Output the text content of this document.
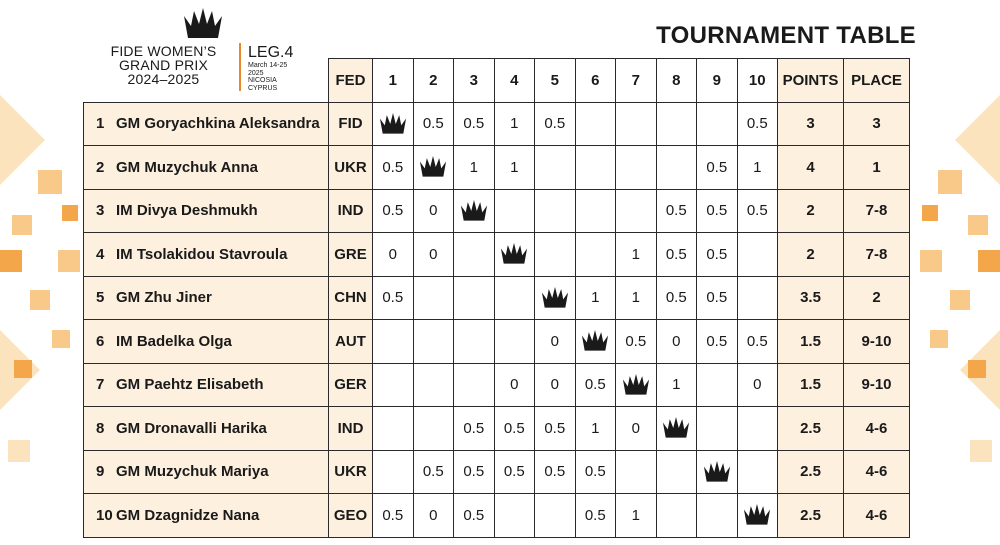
FIDE WOMEN’S
GRAND PRIX
2024–2025
LEG.4
March 14-25
2025
NICOSIA
CYPRUS
TOURNAMENT TABLE
	FED	1	2	3	4	5	6	7	8	9	10	POINTS	PLACE
1 GM Goryachkina Aleksandra	FID		0.5	0.5	1	0.5					0.5	3	3
2 GM Muzychuk Anna	UKR	0.5		1	1					0.5	1	4	1
3 IM Divya Deshmukh	IND	0.5	0						0.5	0.5	0.5	2	7-8
4 IM Tsolakidou Stavroula	GRE	0	0					1	0.5	0.5		2	7-8
5 GM Zhu Jiner	CHN	0.5					1	1	0.5	0.5		3.5	2
6 IM Badelka Olga	AUT					0		0.5	0	0.5	0.5	1.5	9-10
7 GM Paehtz Elisabeth	GER				0	0	0.5		1		0	1.5	9-10
8 GM Dronavalli Harika	IND			0.5	0.5	0.5	1	0				2.5	4-6
9 GM Muzychuk Mariya	UKR		0.5	0.5	0.5	0.5	0.5					2.5	4-6
10 GM Dzagnidze Nana	GEO	0.5	0	0.5			0.5	1				2.5	4-6
